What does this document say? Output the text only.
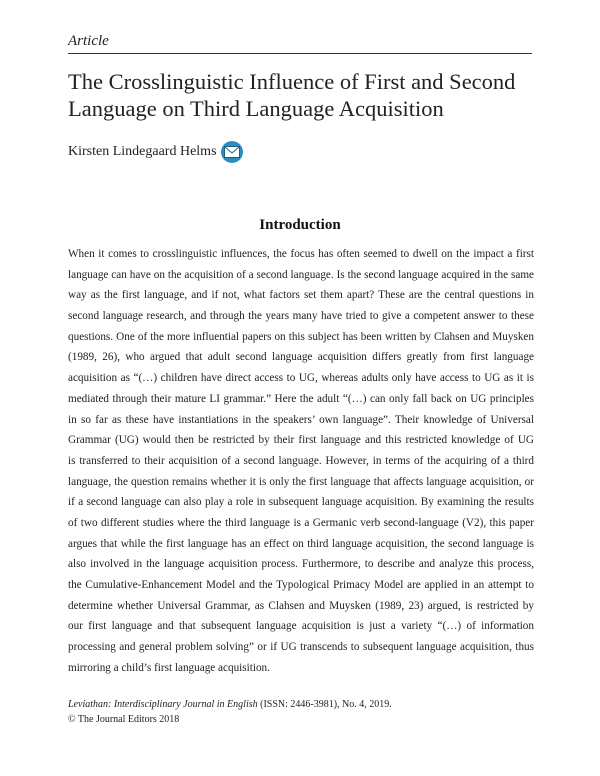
Article
The Crosslinguistic Influence of First and Second
Language on Third Language Acquisition
Kirsten Lindegaard Helms
Introduction
When it comes to crosslinguistic influences, the focus has often seemed to dwell on the impact a first
language can have on the acquisition of a second language. Is the second language acquired in the same
way as the first language, and if not, what factors set them apart? These are the central questions in
second language research, and through the years many have tried to give a competent answer to these
questions. One of the more influential papers on this subject has been written by Clahsen and Muysken
(1989, 26), who argued that adult second language acquisition differs greatly from first language
acquisition as “(…) children have direct access to UG, whereas adults only have access to UG as it is
mediated through their mature LI grammar.” Here the adult “(…) can only fall back on UG principles
in so far as these have instantiations in the speakers’ own language”. Their knowledge of Universal
Grammar (UG) would then be restricted by their first language and this restricted knowledge of UG
is transferred to their acquisition of a second language. However, in terms of the acquiring of a third
language, the question remains whether it is only the first language that affects language acquisition, or
if a second language can also play a role in subsequent language acquisition. By examining the results
of two different studies where the third language is a Germanic verb second-language (V2), this paper
argues that while the first language has an effect on third language acquisition, the second language is
also involved in the language acquisition process. Furthermore, to describe and analyze this process,
the Cumulative-Enhancement Model and the Typological Primacy Model are applied in an attempt to
determine whether Universal Grammar, as Clahsen and Muysken (1989, 23) argued, is restricted by
our first language and that subsequent language acquisition is just a variety “(…) of information
processing and general problem solving” or if UG transcends to subsequent language acquisition, thus
mirroring a child’s first language acquisition.
Leviathan: Interdisciplinary Journal in English (ISSN: 2446-3981), No. 4, 2019.
© The Journal Editors 2018
